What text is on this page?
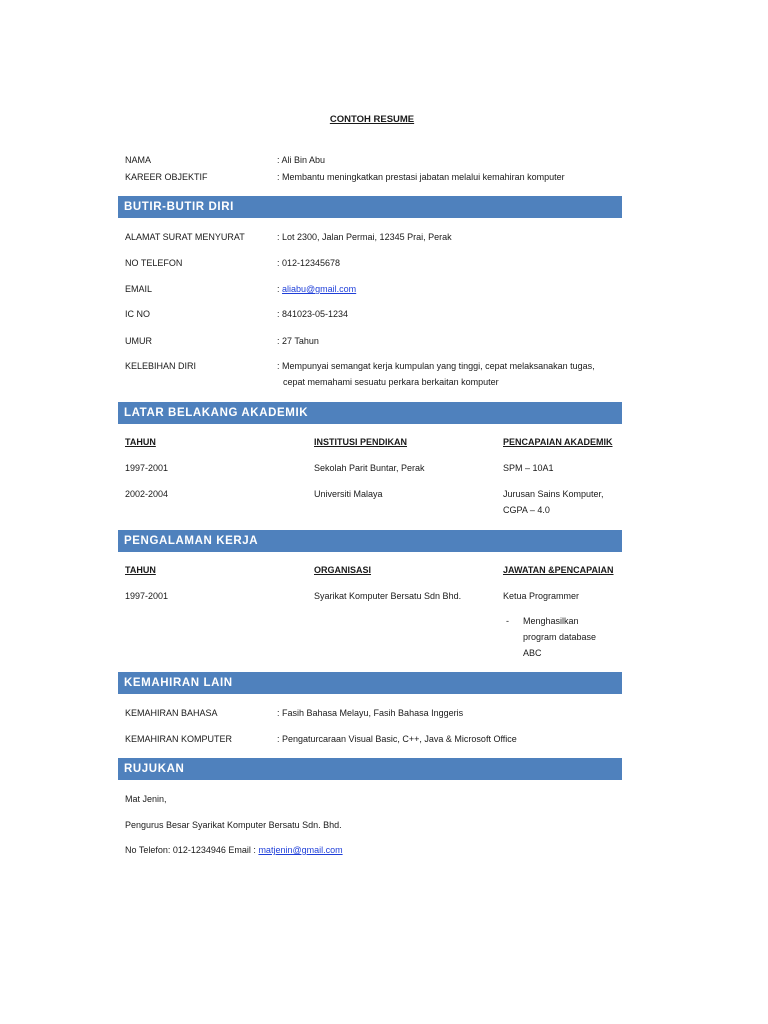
CONTOH RESUME
NAMA	: Ali Bin Abu
KAREER OBJEKTIF	: Membantu meningkatkan prestasi jabatan melalui kemahiran komputer
BUTIR-BUTIR DIRI
ALAMAT SURAT MENYURAT	: Lot 2300, Jalan Permai, 12345 Prai, Perak
NO TELEFON	: 012-12345678
EMAIL	: aliabu@gmail.com
IC NO	: 841023-05-1234
UMUR	: 27 Tahun
KELEBIHAN DIRI	: Mempunyai semangat kerja kumpulan yang tinggi, cepat melaksanakan tugas,
cepat memahami sesuatu perkara berkaitan komputer
LATAR BELAKANG AKADEMIK
TAHUN	INSTITUSI PENDIKAN	PENCAPAIAN AKADEMIK
1997-2001	Sekolah Parit Buntar, Perak	SPM – 10A1
2002-2004	Universiti Malaya	Jurusan Sains Komputer,
CGPA – 4.0
PENGALAMAN KERJA
TAHUN	ORGANISASI	JAWATAN &PENCAPAIAN
1997-2001	Syarikat Komputer Bersatu Sdn Bhd.	Ketua Programmer
- Menghasilkan
program database
ABC
KEMAHIRAN LAIN
KEMAHIRAN BAHASA	: Fasih Bahasa Melayu, Fasih Bahasa Inggeris
KEMAHIRAN KOMPUTER	: Pengaturcaraan Visual Basic, C++, Java & Microsoft Office
RUJUKAN
Mat Jenin,
Pengurus Besar Syarikat Komputer Bersatu Sdn. Bhd.
No Telefon: 012-1234946 Email : matjenin@gmail.com
